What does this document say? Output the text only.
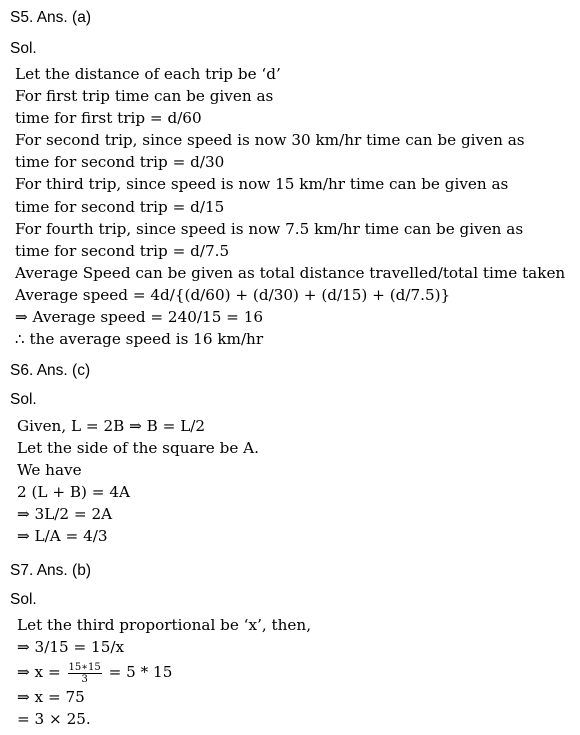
S5. Ans. (a)
Sol.
Let the distance of each trip be ‘d’
For first trip time can be given as
time for first trip = d/60
For second trip, since speed is now 30 km/hr time can be given as
time for second trip = d/30
For third trip, since speed is now 15 km/hr time can be given as
time for second trip = d/15
For fourth trip, since speed is now 7.5 km/hr time can be given as
time for second trip = d/7.5
Average Speed can be given as total distance travelled/total time taken
Average speed = 4d/{(d/60) + (d/30) + (d/15) + (d/7.5)}
⇒ Average speed = 240/15 = 16
∴ the average speed is 16 km/hr
S6. Ans. (c)
Sol.
Given, L = 2B ⇒ B = L/2
Let the side of the square be A.
We have
2 (L + B) = 4A
⇒ 3L/2 = 2A
⇒ L/A = 4/3
S7. Ans. (b)
Sol.
Let the third proportional be ‘x’, then,
⇒ 3/15 = 15/x
⇒ $x = \frac{15∗15}{3} = 5 * 15$
⇒ x = 75
= 3 × 25.
